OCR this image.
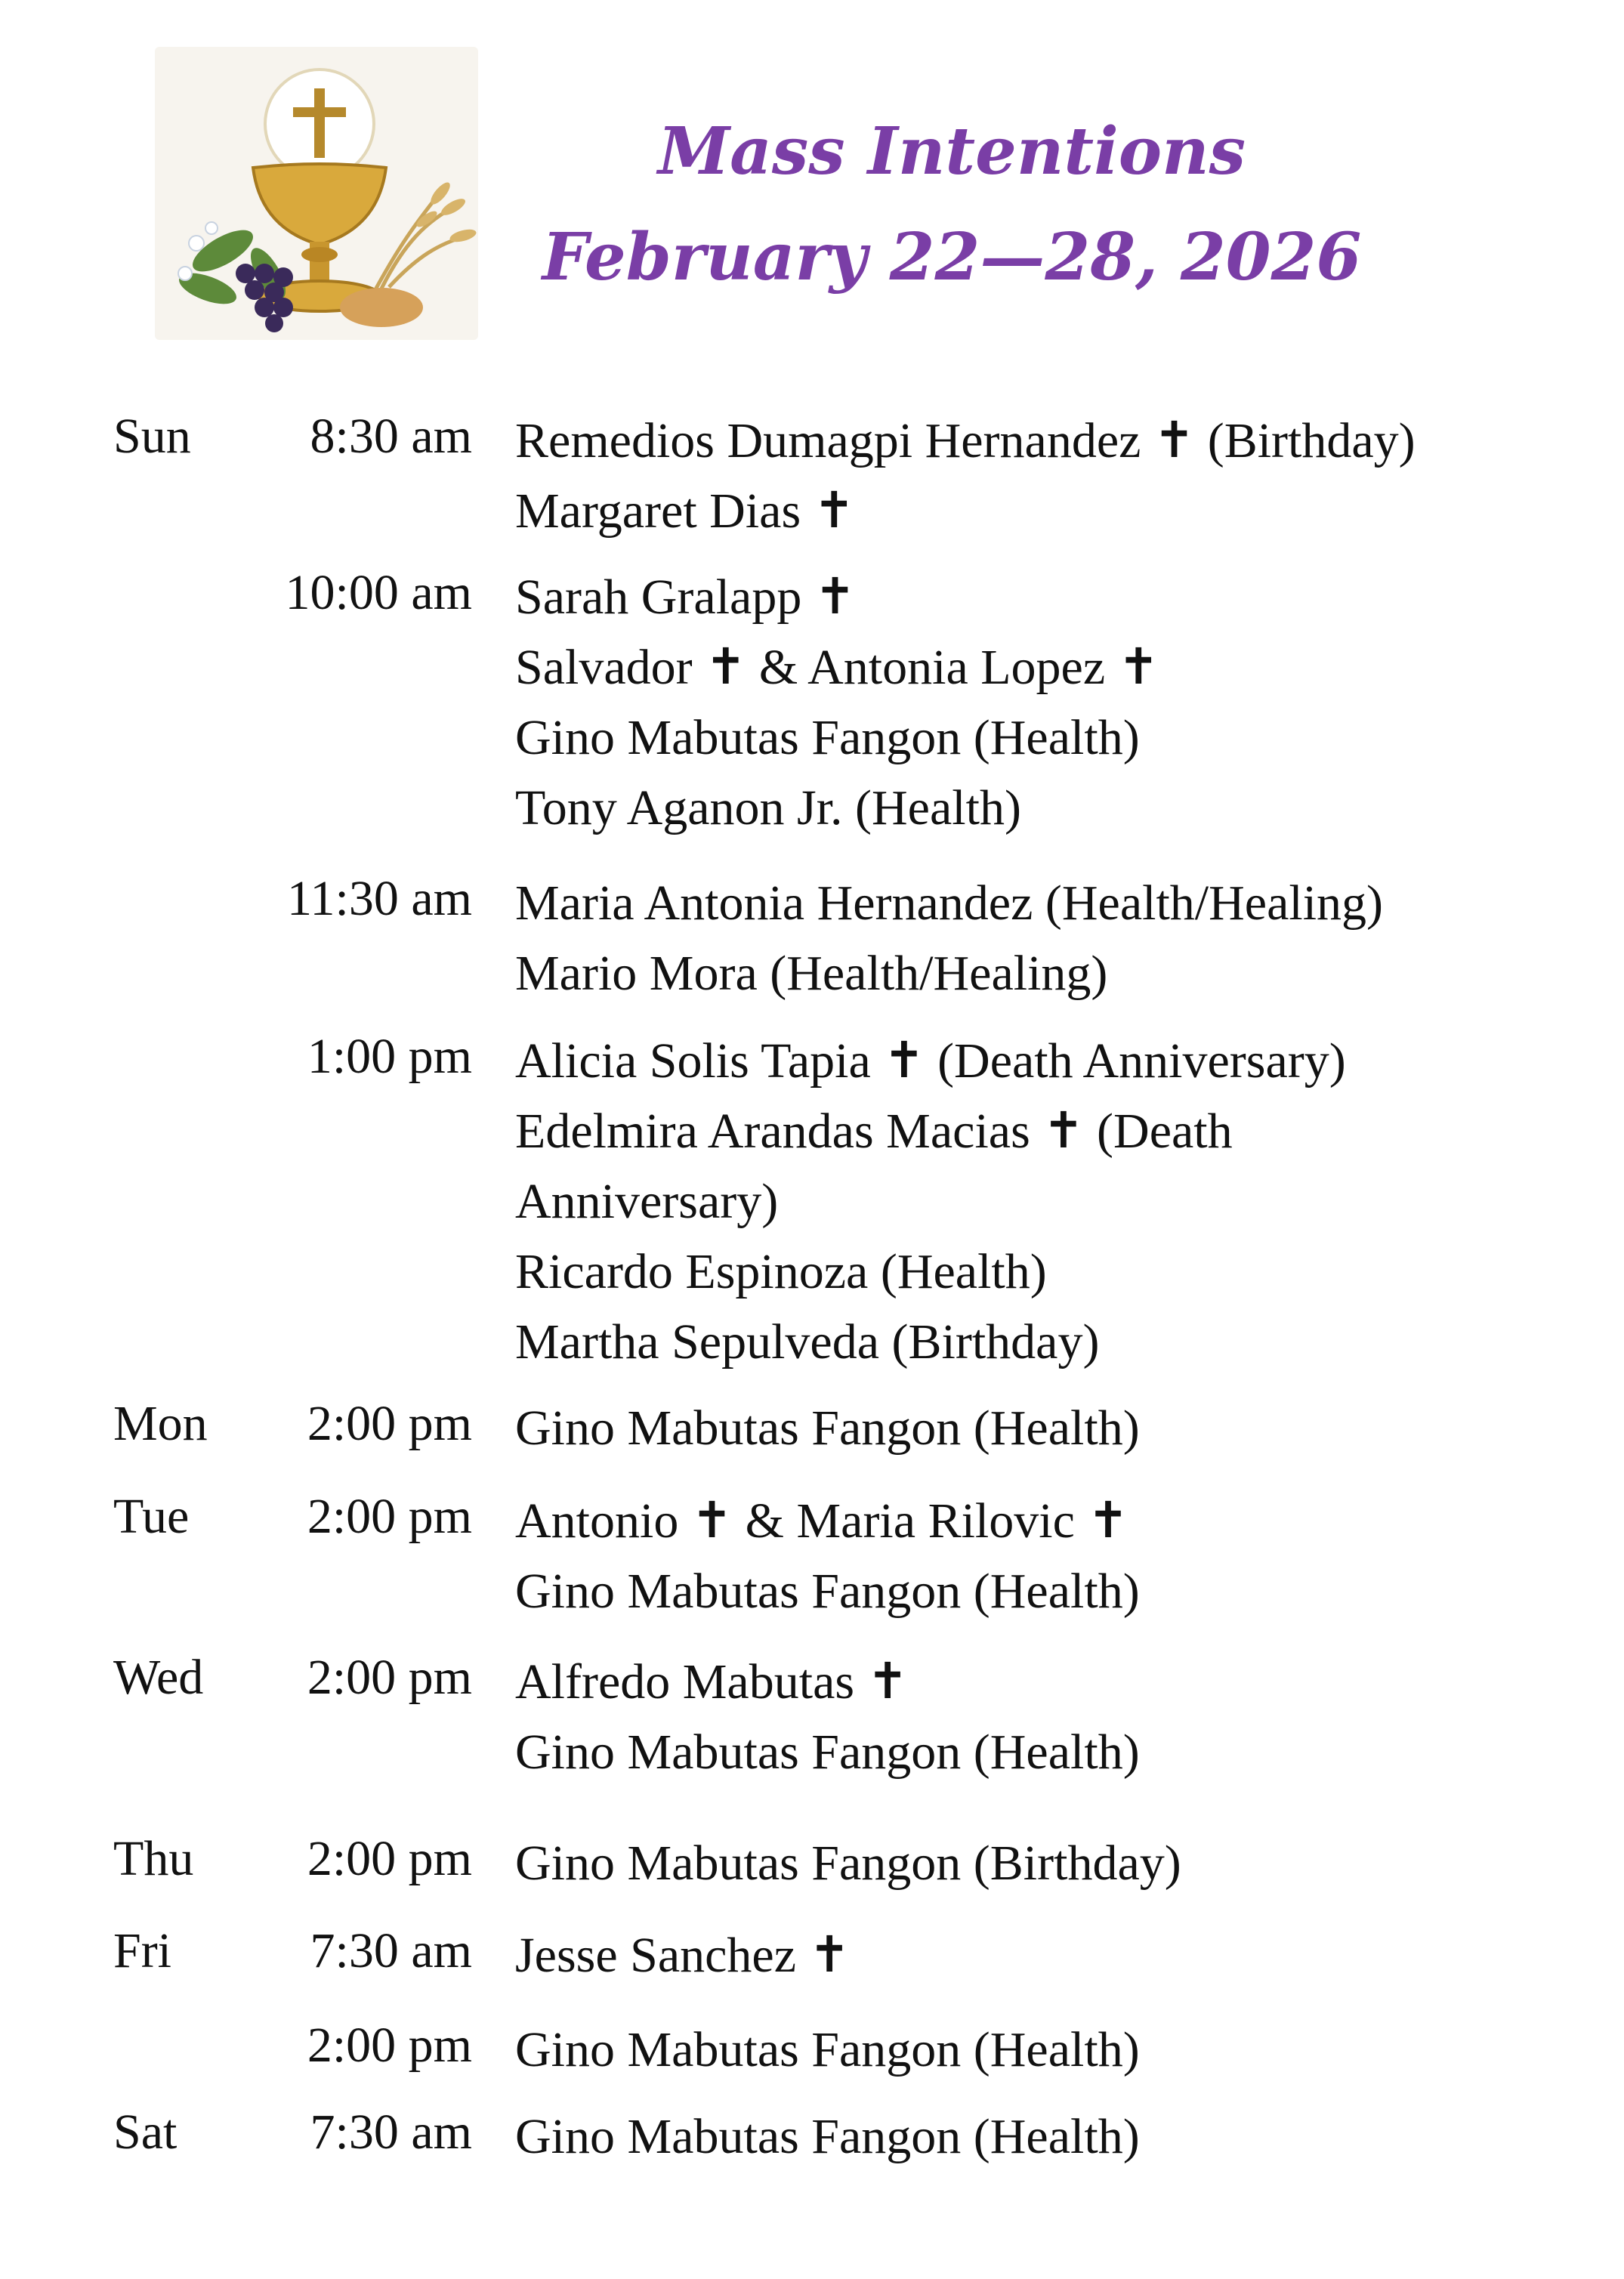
Mass Intentions
February 22—28, 2026
Sun 8:30 am Remedios Dumagpi Hernandez ✝ (Birthday)
Margaret Dias ✝
10:00 am Sarah Gralapp ✝
Salvador ✝ & Antonia Lopez ✝
Gino Mabutas Fangon (Health)
Tony Aganon Jr. (Health)
11:30 am Maria Antonia Hernandez (Health/Healing)
Mario Mora (Health/Healing)
1:00 pm Alicia Solis Tapia ✝ (Death Anniversary)
Edelmira Arandas Macias ✝ (Death
Anniversary)
Ricardo Espinoza (Health)
Martha Sepulveda (Birthday)
Mon 2:00 pm Gino Mabutas Fangon (Health)
Tue 2:00 pm Antonio ✝ & Maria Rilovic ✝
Gino Mabutas Fangon (Health)
Wed 2:00 pm Alfredo Mabutas ✝
Gino Mabutas Fangon (Health)
Thu 2:00 pm Gino Mabutas Fangon (Birthday)
Fri	7:30 am Jesse Sanchez ✝
2:00 pm Gino Mabutas Fangon (Health)
Sat	7:30 am Gino Mabutas Fangon (Health)
